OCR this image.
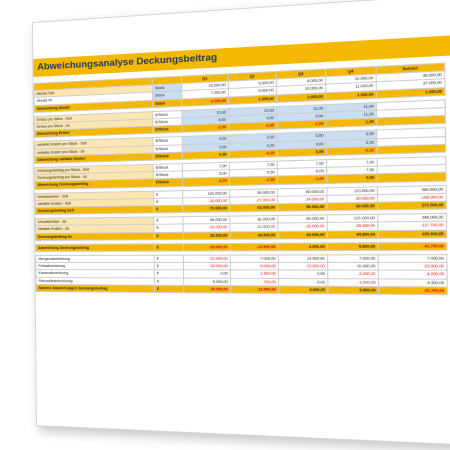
Abweichungsanalyse Deckungsbeitrag
		Q1	Q2	Q3	Q4	Summe
Absatz Soll	Stück	10.000,00	9.000,00	8.000,00	10.000,00	36.000,00
Absatz Ist	Stück	7.000,00	9.000,00	10.000,00	11.000,00	37.000,00
Abweichung Absatz	Stück	-3.000,00	1.000,00	2.000,00	1.000,00	1.000,00

Erlöse pro Stück - Soll	€/Stück	10,00	10,00	10,00	11,00	
Erlöse pro Stück - Ist	€/Stück	8,00	9,00	9,00	11,00	
Abweichung Erlöse	€/Stück	-2,00	-1,00	-1,00	1,00	

variable Kosten pro Stück - Soll	€/Stück	3,00	3,00	3,00	3,00	
variable Kosten pro Stück - Ist	€/Stück	3,00	3,20	3,00	3,20	
Abweichung variable Kosten	€/Stück	0,00	-0,20	0,00	-0,20	

Deckungsbeitrag pro Stück - Soll	€/Stück	7,00	7,00	7,00	7,00	
Deckungsbeitrag pro Stück - Ist	€/Stück	5,00	5,50	6,00	7,50	
Abweichung Deckungsbeitrag	€/Stück	-2,00	-1,50	-1,00	0,50	

Umsatzerlöse - Soll	€	100.000,00	90.000,00	80.000,00	110.000,00	380.000,00
variable Kosten - Soll	€	-30.000,00	-27.000,00	-24.000,00	-30.000,00	-108.000,00
Deckungsbeitrag Soll	€	70.000,00	63.000,00	56.000,00	80.000,00	272.000,00

Umsatzerlöse - Ist	€	56.000,00	81.000,00	90.000,00	121.000,00	348.000,00
variable Kosten - Ist	€	-21.000,00	-31.500,00	-30.000,00	-35.200,00	-117.700,00
Deckungsbeitrag Ist	€	35.000,00	49.500,00	60.000,00	85.800,00	230.300,00

Abweichung Deckungsbeitrag	€	-35.000,00	-13.500,00	4.000,00	5.800,00	-41.700,00

Mengenabweichung	€	-21.000,00	7.000,00	14.000,00	7.000,00	7.000,00
Preisabweichung	€	-20.000,00	-9.000,00	-10.000,00	10.000,00	-29.000,00
Kostenabweichung	€	0,00	-1.800,00	0,00	-2.200,00	-4.000,00
Sekundärabweichung	€	6.000,00	-700,00	0,00	-1.000,00	4.300,00
Summe Abweichungen Deckungsbeitrag	€	-35.000,00	-13.500,00	4.000,00	5.800,00	-41.700,00
